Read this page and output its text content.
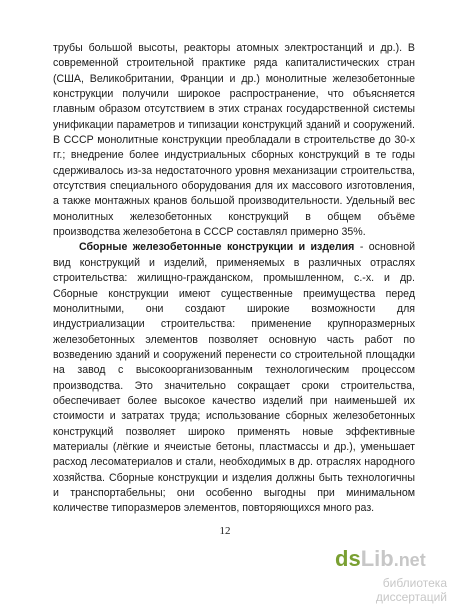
трубы большой высоты, реакторы атомных электростанций и др.). В современной строительной практике ряда капиталистических стран (США, Великобритании, Франции и др.) монолитные железобетонные конструкции получили широкое распространение, что объясняется главным образом отсутствием в этих странах государственной системы унификации параметров и типизации конструкций зданий и сооружений. В СССР монолитные конструкции преобладали в строительстве до 30-х гг.; внедрение более индустриальных сборных конструкций в те годы сдерживалось из-за недостаточного уровня механизации строительства, отсутствия специального оборудования для их массового изготовления, а также монтажных кранов большой производительности. Удельный вес монолитных железобетонных конструкций в общем объёме производства железобетона в СССР составлял примерно 35%.

Сборные железобетонные конструкции и изделия - основной вид конструкций и изделий, применяемых в различных отраслях строительства: жилищно-гражданском, промышленном, с.-х. и др. Сборные конструкции имеют существенные преимущества перед монолитными, они создают широкие возможности для индустриализации строительства: применение крупноразмерных железобетонных элементов позволяет основную часть работ по возведению зданий и сооружений перенести со строительной площадки на завод с высокоорганизованным технологическим процессом производства. Это значительно сокращает сроки строительства, обеспечивает более высокое качество изделий при наименьшей их стоимости и затратах труда; использование сборных железобетонных конструкций позволяет широко применять новые эффективные материалы (лёгкие и ячеистые бетоны, пластмассы и др.), уменьшает расход лесоматериалов и стали, необходимых в др. отраслях народного хозяйства. Сборные конструкции и изделия должны быть технологичны и транспортабельны; они особенно выгодны при минимальном количестве типоразмеров элементов, повторяющихся много раз.

12
dsLib.net
библиотека диссертаций
